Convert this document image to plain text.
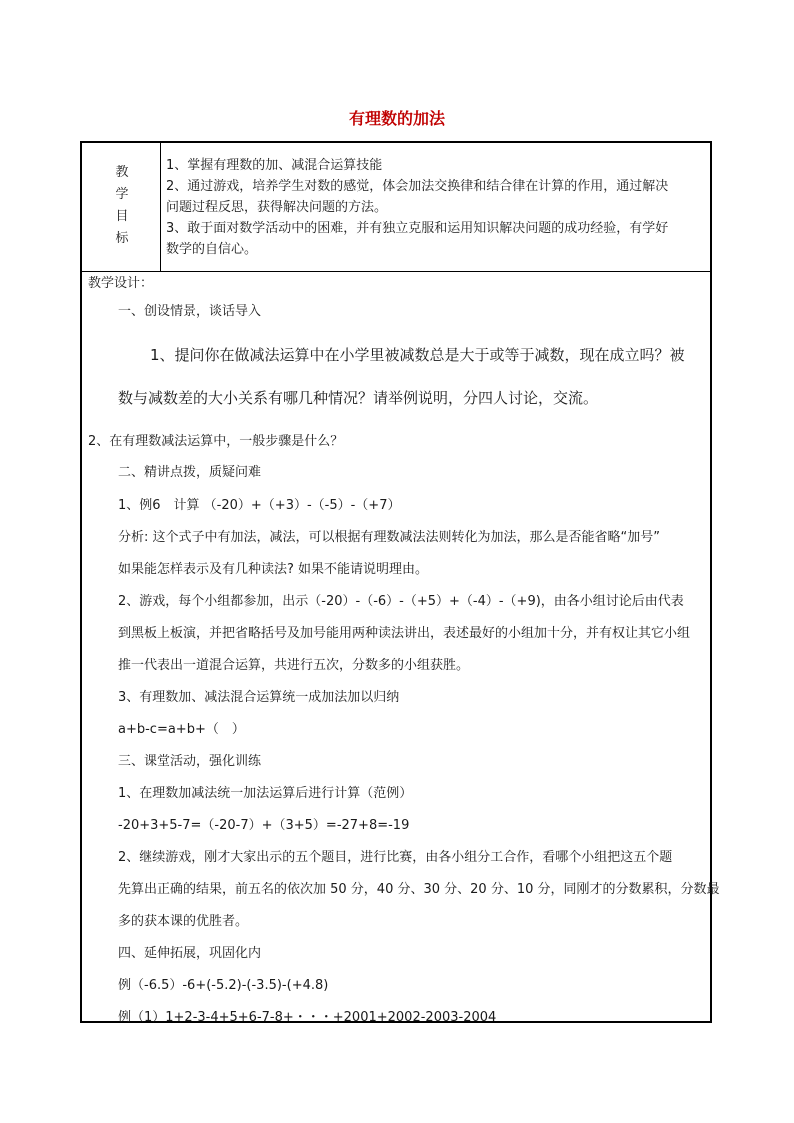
有理数的加法
教
学
目
标
1、掌握有理数的加、减混合运算技能
2、通过游戏，培养学生对数的感觉，体会加法交换律和结合律在计算的作用，通过解决
问题过程反思，获得解决问题的方法。
3、敢于面对数学活动中的困难，并有独立克服和运用知识解决问题的成功经验，有学好
数学的自信心。
教学设计：
一、创设情景，谈话导入
1、提问你在做减法运算中在小学里被减数总是大于或等于减数，现在成立吗？被
数与减数差的大小关系有哪几种情况？请举例说明，分四人讨论，交流。
2、在有理数减法运算中，一般步骤是什么？
二、精讲点拨，质疑问难
1、例6　计算 （-20）+（+3）-（-5）-（+7）
分析: 这个式子中有加法，减法，可以根据有理数减法法则转化为加法，那么是否能省略“加号”
如果能怎样表示及有几种读法? 如果不能请说明理由。
2、游戏，每个小组都参加，出示（-20）-（-6）-（+5）+（-4）-（+9)，由各小组讨论后由代表
到黑板上板演，并把省略括号及加号能用两种读法讲出，表述最好的小组加十分，并有权让其它小组
推一代表出一道混合运算，共进行五次，分数多的小组获胜。
3、有理数加、减法混合运算统一成加法加以归纳
a+b-c=a+b+（　）
三、课堂活动，强化训练
1、在理数加减法统一加法运算后进行计算（范例）
-20+3+5-7=（-20-7）+（3+5）=-27+8=-19
2、继续游戏，刚才大家出示的五个题目，进行比赛，由各小组分工合作，看哪个小组把这五个题
先算出正确的结果，前五名的依次加 50 分，40 分、30 分、20 分、10 分，同刚才的分数累积，分数最
多的获本课的优胜者。
四、延伸拓展，巩固化内
例（-6.5）-6+(-5.2)-(-3.5)-(+4.8)
例（1）1+2-3-4+5+6-7-8+・・・+2001+2002-2003-2004
